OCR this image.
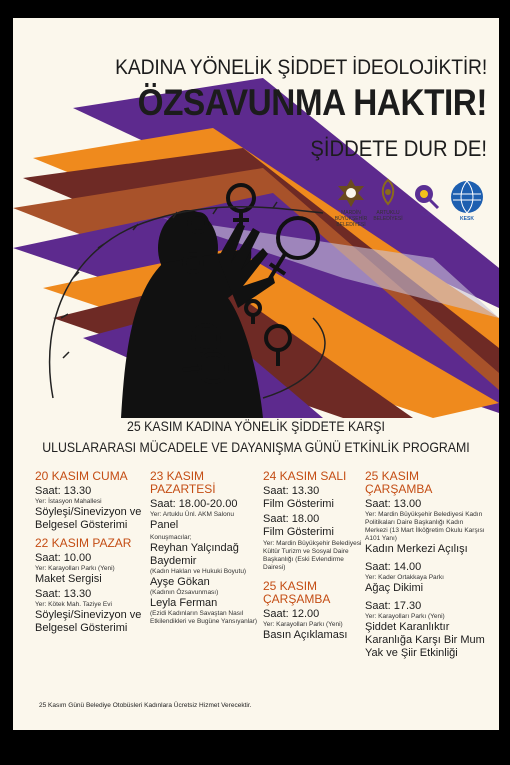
KADINA YÖNELİK ŞİDDET İDEOLOJİKTİR!
ÖZSAVUNMA HAKTIR!
ŞİDDETE DUR DE!
MARDİN BÜYÜKŞEHİR BELEDİYESİ
ARTUKLU BELEDİYESİ
KJA
KESK
25 KASIM KADINA YÖNELİK ŞİDDETE KARŞI
ULUSLARARASI MÜCADELE VE DAYANIŞMA GÜNÜ ETKİNLİK PROGRAMI
20 KASIM CUMA
Saat: 13.30
Yer: İstasyon Mahallesi
Söyleşi/Sinevizyon ve Belgesel Gösterimi
22 KASIM PAZAR
Saat: 10.00
Yer: Karayolları Parkı (Yeni)
Maket Sergisi
Saat: 13.30
Yer: Kötek Mah. Taziye Evi
Söyleşi/Sinevizyon ve Belgesel Gösterimi
23 KASIM PAZARTESİ
Saat: 18.00-20.00
Yer: Artuklu Ünl. AKM Salonu
Panel
Konuşmacılar;
Reyhan Yalçındağ Baydemir
(Kadın Hakları ve Hukuki Boyutu)
Ayşe Gökan
(Kadının Özsavunması)
Leyla Ferman
(Ezidi Kadınların Savaştan Nasıl Etkilendikleri ve Bugüne Yansıyanlar)
24 KASIM SALI
Saat: 13.30
Film Gösterimi
Saat: 18.00
Film Gösterimi
Yer: Mardin Büyükşehir Belediyesi Kültür Turizm ve Sosyal Daire Başkanlığı (Eski Evlendirme Dairesi)
25 KASIM ÇARŞAMBA
Saat: 12.00
Yer: Karayolları Parkı (Yeni)
Basın Açıklaması
25 KASIM ÇARŞAMBA
Saat: 13.00
Yer: Mardin Büyükşehir Belediyesi Kadın Politikaları Daire Başkanlığı Kadın Merkezi (13 Mart İlköğretim Okulu Karşısı A101 Yanı)
Kadın Merkezi Açılışı
Saat: 14.00
Yer: Kader Ortakkaya Parkı
Ağaç Dikimi
Saat: 17.30
Yer: Karayolları Parkı (Yeni)
Şiddet Karanlıktır Karanlığa Karşı Bir Mum Yak ve Şiir Etkinliği
25 Kasım Günü Belediye Otobüsleri Kadınlara Ücretsiz Hizmet Verecektir.
